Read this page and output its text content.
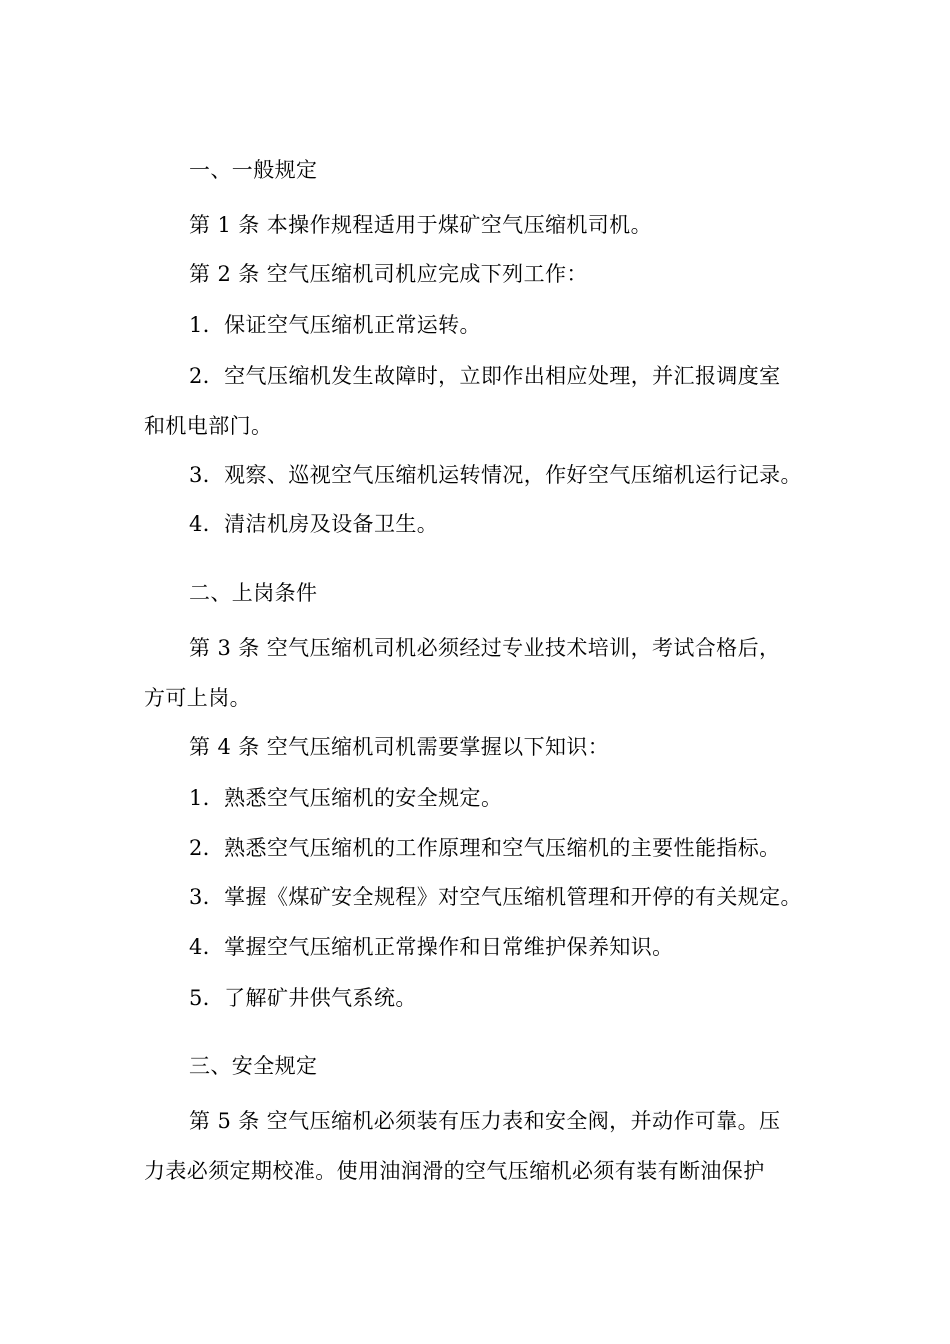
一、一般规定
第 1 条 本操作规程适用于煤矿空气压缩机司机。
第 2 条 空气压缩机司机应完成下列工作：
1．保证空气压缩机正常运转。
2．空气压缩机发生故障时，立即作出相应处理，并汇报调度室
和机电部门。
3．观察、巡视空气压缩机运转情况，作好空气压缩机运行记录。
4．清洁机房及设备卫生。
二、上岗条件
第 3 条 空气压缩机司机必须经过专业技术培训，考试合格后，
方可上岗。
第 4 条 空气压缩机司机需要掌握以下知识：
1．熟悉空气压缩机的安全规定。
2．熟悉空气压缩机的工作原理和空气压缩机的主要性能指标。
3．掌握《煤矿安全规程》对空气压缩机管理和开停的有关规定。
4．掌握空气压缩机正常操作和日常维护保养知识。
5．了解矿井供气系统。
三、安全规定
第 5 条 空气压缩机必须装有压力表和安全阀，并动作可靠。压
力表必须定期校准。使用油润滑的空气压缩机必须有装有断油保护
